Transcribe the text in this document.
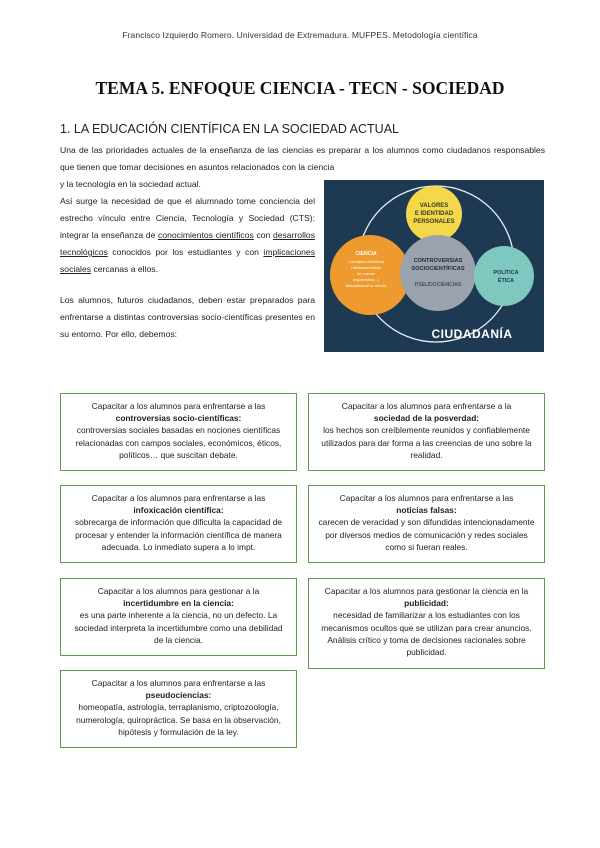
Francisco Izquierdo Romero. Universidad de Extremadura. MUFPES. Metodología científica
TEMA 5. ENFOQUE CIENCIA - TECN - SOCIEDAD
1. LA EDUCACIÓN CIENTÍFICA EN LA SOCIEDAD ACTUAL
Una de las prioridades actuales de la enseñanza de las ciencias es preparar a los alumnos como ciudadanos responsables que tienen que tomar decisiones en asuntos relacionados con la ciencia
y la tecnología en la sociedad actual.
Así surge la necesidad de que el alumnado tome conciencia del estrecho vínculo entre Ciencia, Tecnología y Sociedad (CTS): integrar la enseñanza de conocimientos científicos con desarrollos tecnológicos conocidos por los estudiantes y con implicaciones sociales cercanas a ellos.
Los alumnos, futuros ciudadanos, deben estar preparados para enfrentarse a distintas controversias socio-científicas presentes en su entorno. Por ello, debemos:
VALORES
E IDENTIDAD
PERSONALES
CIENCIA
Conceptos científicos
Habilidades/ideas
de nuevos
argumentos(...)
Naturaleza de la ciencia
CONTROVERSIAS
SOCIOCIENTÍFICAS
PSEUDOCIENCIAS
POLÍTICA
ÉTICA
CIUDADANÍA
Capacitar a los alumnos para enfrentarse a las
controversias socio-científicas:
controversias sociales basadas en nociones científicas relacionadas con campos sociales, económicos, éticos, políticos… que suscitan debate.
Capacitar a los alumnos para enfrentarse a la
sociedad de la posverdad:
los hechos son creíblemente reunidos y confiablemente utilizados para dar forma a las creencias de uno sobre la realidad.
Capacitar a los alumnos para enfrentarse a las
infoxicación científica:
sobrecarga de información que dificulta la capacidad de procesar y entender la información científica de manera adecuada. Lo inmediato supera a lo impt.
Capacitar a los alumnos para enfrentarse a las
noticias falsas:
carecen de veracidad y son difundidas intencionadamente por diversos medios de comunicación y redes sociales como si fueran reales.
Capacitar a los alumnos para gestionar a la
incertidumbre en la ciencia:
es una parte inherente a la ciencia, no un defecto. La sociedad interpreta la incertidumbre como una debilidad de la ciencia.
Capacitar a los alumnos para gestionar la ciencia en la
publicidad:
necesidad de familiarizar a los estudiantes con los mecanismos ocultos que se utilizan para crear anuncios. Análisis crítico y toma de decisiones racionales sobre publicidad.
Capacitar a los alumnos para enfrentarse a las
pseudociencias:
homeopatía, astrología, terraplanismo, criptozoología, numerología, quiropráctica. Se basa en la observación, hipótesis y formulación de la ley.
